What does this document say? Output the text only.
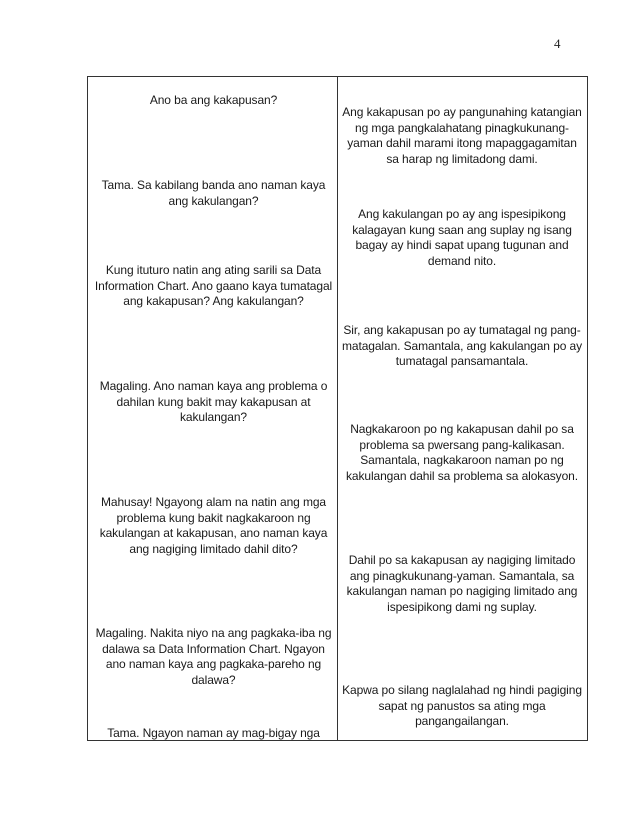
4
Ano ba ang kakapusan?
Tama. Sa kabilang banda ano naman kaya ang kakulangan?
Kung ituturo natin ang ating sarili sa Data Information Chart. Ano gaano kaya tumatagal ang kakapusan? Ang kakulangan?
Magaling. Ano naman kaya ang problema o dahilan kung bakit may kakapusan at kakulangan?
Mahusay! Ngayong alam na natin ang mga problema kung bakit nagkakaroon ng kakulangan at kakapusan, ano naman kaya ang nagiging limitado dahil dito?
Magaling. Nakita niyo na ang pagkaka-iba ng dalawa sa Data Information Chart. Ngayon ano naman kaya ang pagkaka-pareho ng dalawa?
Tama. Ngayon naman ay mag-bigay nga
Ang kakapusan po ay pangunahing katangian ng mga pangkalahatang pinagkukunang- yaman dahil marami itong mapaggagamitan sa harap ng limitadong dami.
Ang kakulangan po ay ang ispesipikong kalagayan kung saan ang suplay ng isang bagay ay hindi sapat upang tugunan and demand nito.
Sir, ang kakapusan po ay tumatagal ng pang-matagalan. Samantala, ang kakulangan po ay tumatagal pansamantala.
Nagkakaroon po ng kakapusan dahil po sa problema sa pwersang pang-kalikasan. Samantala, nagkakaroon naman po ng kakulangan dahil sa problema sa alokasyon.
Dahil po sa kakapusan ay nagiging limitado ang pinagkukunang-yaman. Samantala, sa kakulangan naman po nagiging limitado ang ispesipikong dami ng suplay.
Kapwa po silang naglalahad ng hindi pagiging sapat ng panustos sa ating mga pangangailangan.
